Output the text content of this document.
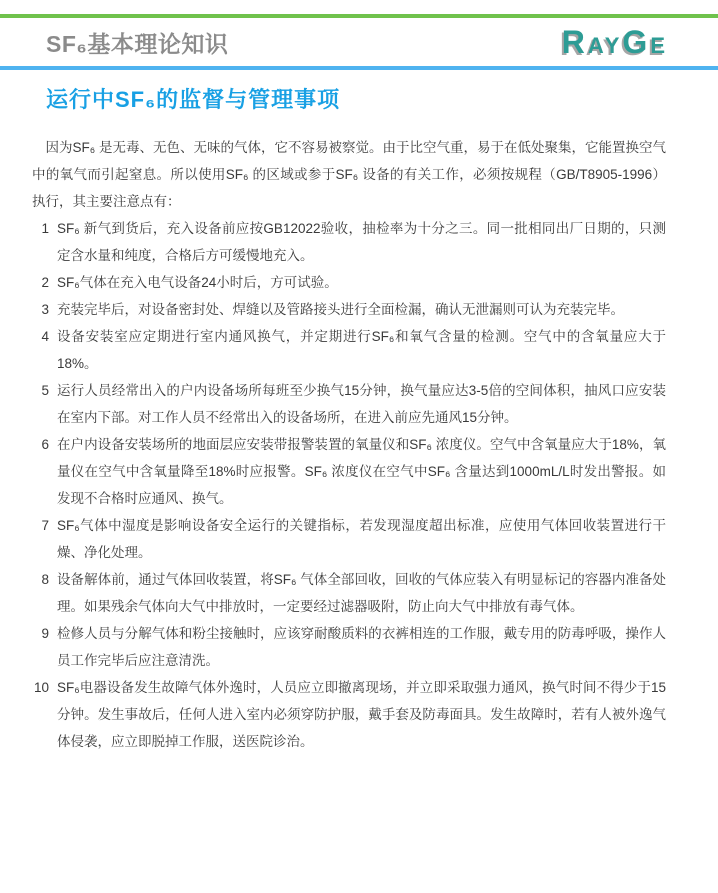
SF₆基本理论知识	RAYGE
运行中SF₆的监督与管理事项

因为SF₆ 是无毒、无色、无味的气体，它不容易被察觉。由于比空气重，易于在低处聚集，它能置换空气中的氧气而引起窒息。所以使用SF₆ 的区域或参于SF₆ 设备的有关工作，必须按规程（GB/T8905-1996）执行，其主要注意点有：

1 SF₆ 新气到货后，充入设备前应按GB12022验收，抽检率为十分之三。同一批相同出厂日期的，只测定含水量和纯度，合格后方可缓慢地充入。
2 SF₆气体在充入电气设备24小时后，方可试验。
3 充装完毕后，对设备密封处、焊缝以及管路接头进行全面检漏，确认无泄漏则可认为充装完毕。
4 设备安装室应定期进行室内通风换气，并定期进行SF₆和氧气含量的检测。空气中的含氧量应大于18%。
5 运行人员经常出入的户内设备场所每班至少换气15分钟，换气量应达3-5倍的空间体积，抽风口应安装在室内下部。对工作人员不经常出入的设备场所，在进入前应先通风15分钟。
6 在户内设备安装场所的地面层应安装带报警装置的氧量仪和SF₆ 浓度仪。空气中含氧量应大于18%，氧量仪在空气中含氧量降至18%时应报警。SF₆ 浓度仪在空气中SF₆ 含量达到1000mL/L时发出警报。如发现不合格时应通风、换气。
7 SF₆气体中湿度是影响设备安全运行的关键指标，若发现湿度超出标准，应使用气体回收装置进行干燥、净化处理。
8 设备解体前，通过气体回收装置，将SF₆ 气体全部回收，回收的气体应装入有明显标记的容器内准备处理。如果残余气体向大气中排放时，一定要经过滤器吸附，防止向大气中排放有毒气体。
9 检修人员与分解气体和粉尘接触时，应该穿耐酸质料的衣裤相连的工作服，戴专用的防毒呼吸，操作人员工作完毕后应注意清洗。
10 SF₆电器设备发生故障气体外逸时，人员应立即撤离现场，并立即采取强力通风，换气时间不得少于15分钟。发生事故后，任何人进入室内必须穿防护服，戴手套及防毒面具。发生故障时，若有人被外逸气体侵袭，应立即脱掉工作服，送医院诊治。
